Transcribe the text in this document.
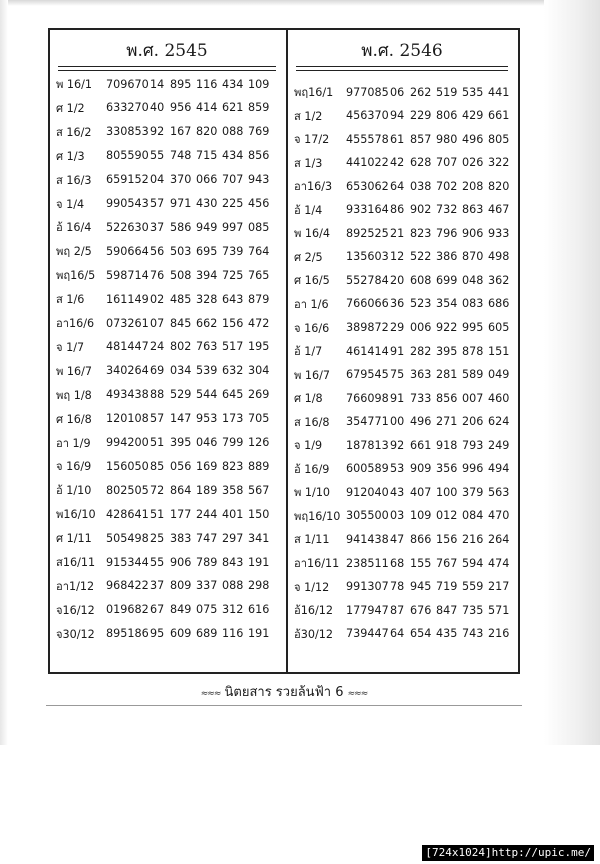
พ.ศ. 2545
พ 16/1	709670 14 895 116 434 109
ศ 1/2	633270 40 956 414 621 859
ส 16/2	330853 92 167 820 088 769
ศ 1/3	805590 55 748 715 434 856
ส 16/3	659152 04 370 066 707 943
จ 1/4	990543 57 971 430 225 456
อ้ 16/4	522630 37 586 949 997 085
พฤ 2/5	590664 56 503 695 739 764
พฤ16/5 598714 76 508 394 725 765
ส 1/6	161149 02 485 328 643 879
อา16/6	073261 07 845 662 156 472
จ 1/7	481447 24 802 763 517 195
พ 16/7	340264 69 034 539 632 304
พฤ 1/8	493438 88 529 544 645 269
ศ 16/8	120108 57 147 953 173 705
อา 1/9	994200 51 395 046 799 126
จ 16/9	156050 85 056 169 823 889
อ้ 1/10	802505 72 864 189 358 567
พ16/10 428641 51 177 244 401 150
ศ 1/11	505498 25 383 747 297 341
ส16/11 915344 55 906 789 843 191
อา1/12	968422 37 809 337 088 298
จ16/12	019682 67 849 075 312 616
จ30/12	895186 95 609 689 116 191
พ.ศ. 2546
พฤ16/1	977085 06 262 519 535 441
ส 1/2	456370 94 229 806 429 661
จ 17/2	455578 61 857 980 496 805
ส 1/3	441022 42 628 707 026 322
อา16/3	653062 64 038 702 208 820
อ้ 1/4	933164 86 902 732 863 467
พ 16/4	892525 21 823 796 906 933
ศ 2/5	135603 12 522 386 870 498
ศ 16/5	552784 20 608 699 048 362
อา 1/6	766066 36 523 354 083 686
จ 16/6	389872 29 006 922 995 605
อ้ 1/7	461414 91 282 395 878 151
พ 16/7	679545 75 363 281 589 049
ศ 1/8	766098 91 733 856 007 460
ส 16/8	354771 00 496 271 206 624
จ 1/9	187813 92 661 918 793 249
อ้ 16/9	600589 53 909 356 996 494
พ 1/10	912040 43 407 100 379 563
พฤ16/10 305500 03 109 012 084 470
ส 1/11	941438 47 866 156 216 264
อา16/11 238511 68 155 767 594 474
จ 1/12	991307 78 945 719 559 217
อ้16/12	177947 87 676 847 735 571
อ้30/12	739447 64 654 435 743 216
≈≈≈ นิตยสาร รวยล้นฟ้า 6 ≈≈≈
[724x1024]http://upic.me/
